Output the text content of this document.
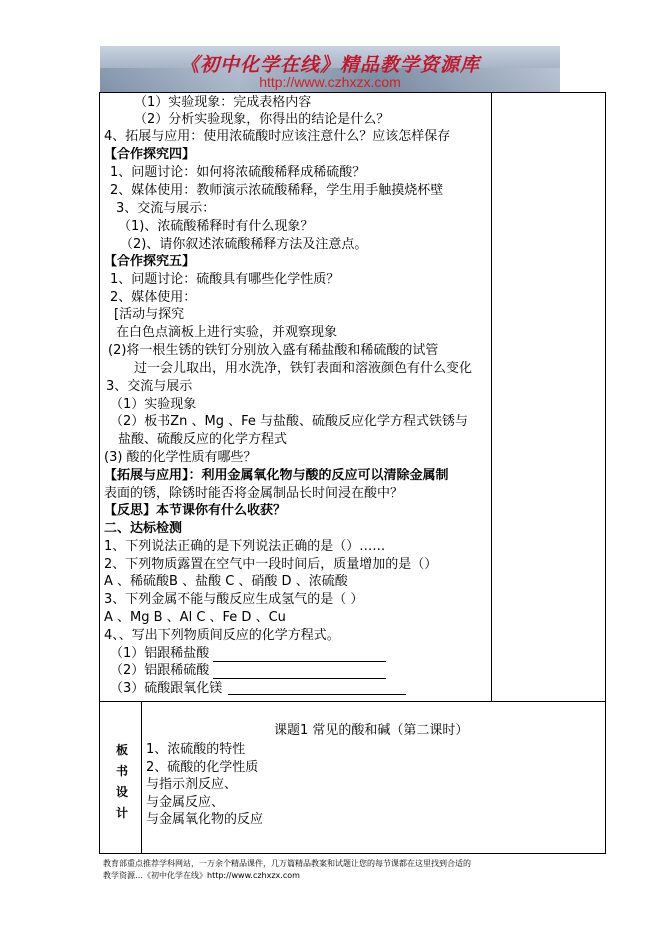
《初中化学在线》精品教学资源库
http://www.czhxzx.com
（1）实验现象：完成表格内容
（2）分析实验现象，你得出的结论是什么？
4、拓展与应用：使用浓硫酸时应该注意什么？应该怎样保存
【合作探究四】
1、问题讨论：如何将浓硫酸稀释成稀硫酸？
2、媒体使用：教师演示浓硫酸稀释，学生用手触摸烧杯壁
3、交流与展示：
（1)、浓硫酸稀释时有什么现象？
（2)、请你叙述浓硫酸稀释方法及注意点。
【合作探究五】
1、问题讨论：硫酸具有哪些化学性质？
2、媒体使用：
[活动与探究
在白色点滴板上进行实验，并观察现象
(2)将一根生锈的铁钉分别放入盛有稀盐酸和稀硫酸的试管
过一会儿取出，用水洗净，铁钉表面和溶液颜色有什么变化
3、交流与展示
（1）实验现象
（2）板书Zn 、Mg 、Fe 与盐酸、硫酸反应化学方程式铁锈与
盐酸、硫酸反应的化学方程式
(3) 酸的化学性质有哪些？
【拓展与应用】：利用金属氧化物与酸的反应可以清除金属制
表面的锈，除锈时能否将金属制品长时间浸在酸中？
【反思】本节课你有什么收获？
二、达标检测
1、下列说法正确的是下列说法正确的是（）……
2、下列物质露置在空气中一段时间后，质量增加的是（）
A 、稀硫酸B 、盐酸 C 、硝酸 D 、浓硫酸
3、下列金属不能与酸反应生成氢气的是（ ）
A 、Mg B 、Al C 、Fe D 、Cu
4、、写出下列物质间反应的化学方程式。
（1）铝跟稀盐酸
（2）铝跟稀硫酸
（3）硫酸跟氧化镁
板
书
设
计
课题1 常见的酸和碱（第二课时）
1、浓硫酸的特性
2、硫酸的化学性质
与指示剂反应、
与金属反应、
与金属氧化物的反应
教育部重点推荐学科网站，一万余个精品课件，几万篇精品教案和试题让您的每节课都在这里找到合适的
教学资源…《初中化学在线》http://www.czhxzx.com
